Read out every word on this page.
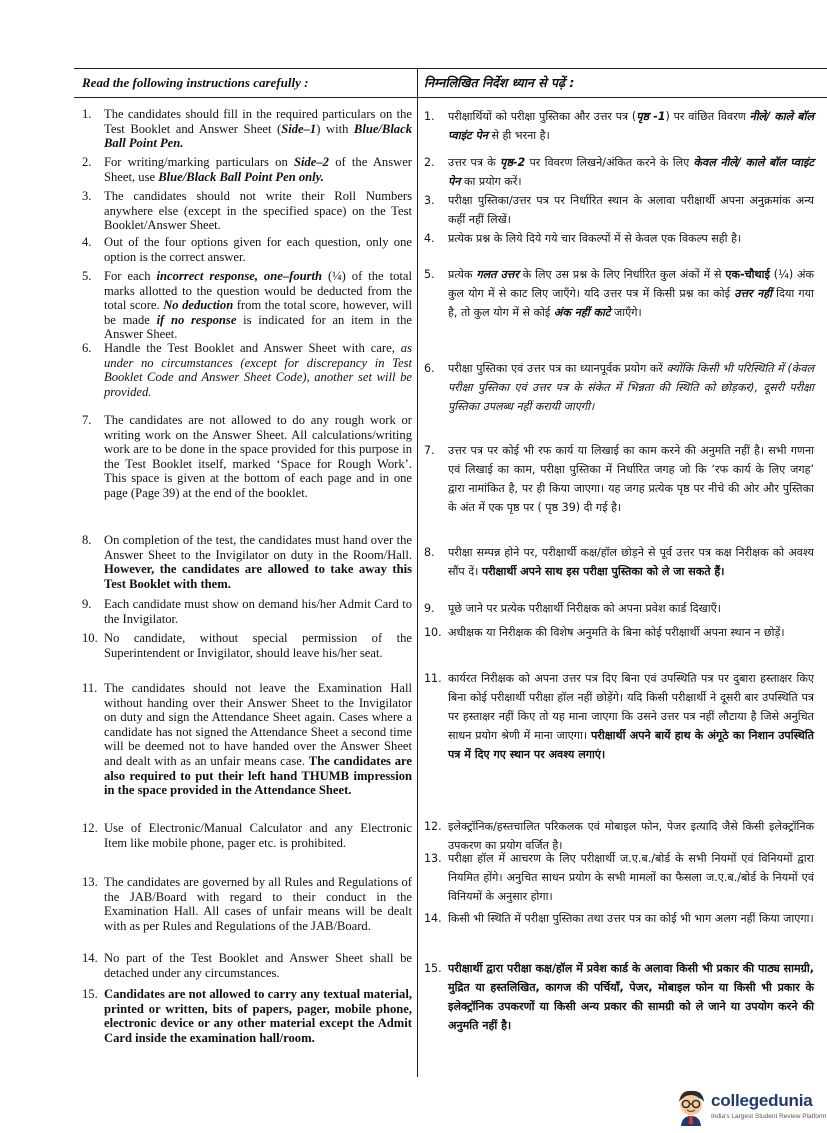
Read the following instructions carefully :	निम्नलिखित निर्देश ध्यान से पढ़ें :
1. The candidates should fill in the required particulars on the Test Booklet and Answer Sheet (Side–1) with Blue/Black Ball Point Pen.
2. For writing/marking particulars on Side–2 of the Answer Sheet, use Blue/Black Ball Point Pen only.
3. The candidates should not write their Roll Numbers anywhere else (except in the specified space) on the Test Booklet/Answer Sheet.
4. Out of the four options given for each question, only one option is the correct answer.
5. For each incorrect response, one–fourth (¼) of the total marks allotted to the question would be deducted from the total score. No deduction from the total score, however, will be made if no response is indicated for an item in the Answer Sheet.
6. Handle the Test Booklet and Answer Sheet with care, as under no circumstances (except for discrepancy in Test Booklet Code and Answer Sheet Code), another set will be provided.
7. The candidates are not allowed to do any rough work or writing work on the Answer Sheet. All calculations/writing work are to be done in the space provided for this purpose in the Test Booklet itself, marked ‘Space for Rough Work’. This space is given at the bottom of each page and in one page (Page 39) at the end of the booklet.
8. On completion of the test, the candidates must hand over the Answer Sheet to the Invigilator on duty in the Room/Hall. However, the candidates are allowed to take away this Test Booklet with them.
9. Each candidate must show on demand his/her Admit Card to the Invigilator.
10. No candidate, without special permission of the Superintendent or Invigilator, should leave his/her seat.
11. The candidates should not leave the Examination Hall without handing over their Answer Sheet to the Invigilator on duty and sign the Attendance Sheet again. Cases where a candidate has not signed the Attendance Sheet a second time will be deemed not to have handed over the Answer Sheet and dealt with as an unfair means case. The candidates are also required to put their left hand THUMB impression in the space provided in the Attendance Sheet.
12. Use of Electronic/Manual Calculator and any Electronic Item like mobile phone, pager etc. is prohibited.
13. The candidates are governed by all Rules and Regulations of the JAB/Board with regard to their conduct in the Examination Hall. All cases of unfair means will be dealt with as per Rules and Regulations of the JAB/Board.
14. No part of the Test Booklet and Answer Sheet shall be detached under any circumstances.
15. Candidates are not allowed to carry any textual material, printed or written, bits of papers, pager, mobile phone, electronic device or any other material except the Admit Card inside the examination hall/room.
1. परीक्षार्थियों को परीक्षा पुस्तिका और उत्तर पत्र (पृष्ठ -1) पर वांछित विवरण नीले/ काले बॉल प्वाइंट पेन से ही भरना है।
2. उत्तर पत्र के पृष्ठ-2 पर विवरण लिखने/अंकित करने के लिए केवल नीले/ काले बॉल प्वाइंट पेन का प्रयोग करें।
3. परीक्षा पुस्तिका/उत्तर पत्र पर निर्धारित स्थान के अलावा परीक्षार्थी अपना अनुक्रमांक अन्य कहीं नहीं लिखें।
4. प्रत्येक प्रश्न के लिये दिये गये चार विकल्पों में से केवल एक विकल्प सही है।
5. प्रत्येक गलत उत्तर के लिए उस प्रश्न के लिए निर्धारित कुल अंकों में से एक-चौथाई (¼) अंक कुल योग में से काट लिए जाएँगे। यदि उत्तर पत्र में किसी प्रश्न का कोई उत्तर नहीं दिया गया है, तो कुल योग में से कोई अंक नहीं काटे जाएँगे।
6. परीक्षा पुस्तिका एवं उत्तर पत्र का ध्यानपूर्वक प्रयोग करें क्योंकि किसी भी परिस्थिति में (केवल परीक्षा पुस्तिका एवं उत्तर पत्र के संकेत में भिन्नता की स्थिति को छोड़कर), दूसरी परीक्षा पुस्तिका उपलब्ध नहीं करायी जाएगी।
7. उत्तर पत्र पर कोई भी रफ कार्य या लिखाई का काम करने की अनुमति नहीं है। सभी गणना एवं लिखाई का काम, परीक्षा पुस्तिका में निर्धारित जगह जो कि ‘रफ कार्य के लिए जगह’ द्वारा नामांकित है, पर ही किया जाएगा। यह जगह प्रत्येक पृष्ठ पर नीचे की ओर और पुस्तिका के अंत में एक पृष्ठ पर ( पृष्ठ 39) दी गई है।
8. परीक्षा सम्पन्न होने पर, परीक्षार्थी कक्ष/हॉल छोड़ने से पूर्व उत्तर पत्र कक्ष निरीक्षक को अवश्य सौंप दें। परीक्षार्थी अपने साथ इस परीक्षा पुस्तिका को ले जा सकते हैं।
9. पूछे जाने पर प्रत्येक परीक्षार्थी निरीक्षक को अपना प्रवेश कार्ड दिखाएँ।
10. अधीक्षक या निरीक्षक की विशेष अनुमति के बिना कोई परीक्षार्थी अपना स्थान न छोड़ें।
11. कार्यरत निरीक्षक को अपना उत्तर पत्र दिए बिना एवं उपस्थिति पत्र पर दुबारा हस्ताक्षर किए बिना कोई परीक्षार्थी परीक्षा हॉल नहीं छोड़ेंगे। यदि किसी परीक्षार्थी ने दूसरी बार उपस्थिति पत्र पर हस्ताक्षर नहीं किए तो यह माना जाएगा कि उसने उत्तर पत्र नहीं लौटाया है जिसे अनुचित साधन प्रयोग श्रेणी में माना जाएगा। परीक्षार्थी अपने बायें हाथ के अंगूठे का निशान उपस्थिति पत्र में दिए गए स्थान पर अवश्य लगाएं।
12. इलेक्ट्रॉनिक/हस्तचालित परिकलक एवं मोबाइल फोन, पेजर इत्यादि जैसे किसी इलेक्ट्रॉनिक उपकरण का प्रयोग वर्जित है।
13. परीक्षा हॉल में आचरण के लिए परीक्षार्थी ज.ए.ब./बोर्ड के सभी नियमों एवं विनियमों द्वारा नियमित होंगे। अनुचित साधन प्रयोग के सभी मामलों का फैसला ज.ए.ब./बोर्ड के नियमों एवं विनियमों के अनुसार होगा।
14. किसी भी स्थिति में परीक्षा पुस्तिका तथा उत्तर पत्र का कोई भी भाग अलग नहीं किया जाएगा।
15. परीक्षार्थी द्वारा परीक्षा कक्ष/हॉल में प्रवेश कार्ड के अलावा किसी भी प्रकार की पाठ्य सामग्री, मुद्रित या हस्तलिखित, कागज की पर्चियाँ, पेजर, मोबाइल फोन या किसी भी प्रकार के इलेक्ट्रॉनिक उपकरणों या किसी अन्य प्रकार की सामग्री को ले जाने या उपयोग करने की अनुमति नहीं है।
collegedunia
India's Largest Student Review Platform
